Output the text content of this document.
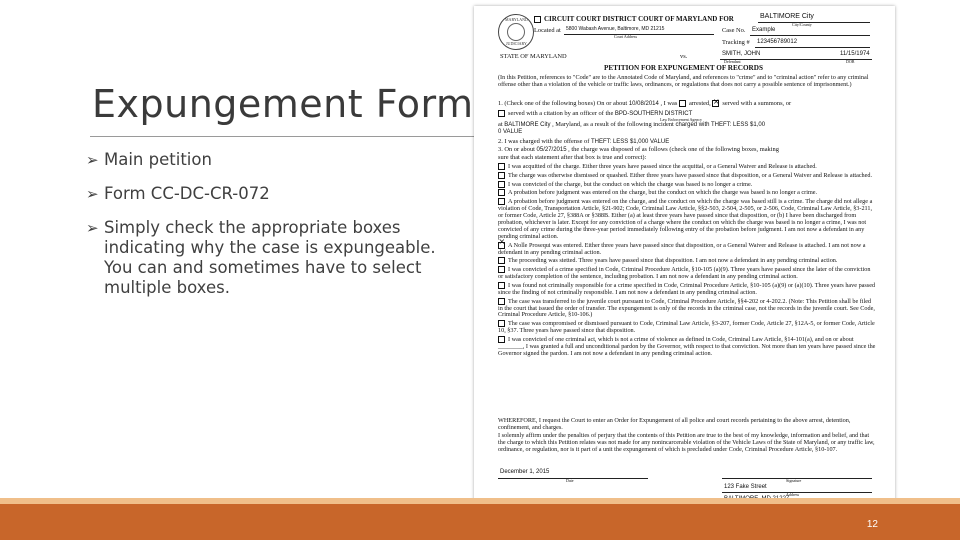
Expungement Form
➢ Main petition
➢ Form CC-DC-CR-072
➢ Simply check the appropriate boxes indicating why the case is expungeable. You can and sometimes have to select multiple boxes.
MARYLAND
JUDICIARY
CIRCUIT COURT DISTRICT COURT OF MARYLAND FOR	BALTIMORE City
City/County
Located at 5800 Wabash Avenue, Baltimore, MD 21215
Court Address
Case No. Example
Tracking # 123456789012
STATE OF MARYLAND	vs.	SMITH, JOHN	11/15/1974
Defendant	DOB
PETITION FOR EXPUNGEMENT OF RECORDS
(In this Petition, references to "Code" are to the Annotated Code of Maryland, and references to "crime" and to "criminal action" refer to any criminal offense other than a violation of the vehicle or traffic laws, ordinances, or regulations that does not carry a possible sentence of imprisonment.)
1. (Check one of the following boxes) On or about 10/08/2014 , I was arrested, × served with a summons, or
served with a citation by an officer of the BPD-SOUTHERN DISTRICT
Law Enforcement Agency
at BALTIMORE City , Maryland, as a result of the following incident charged with THEFT: LESS $1,00
0 VALUE
2. I was charged with the offense of THEFT: LESS $1,000 VALUE
3. On or about 05/27/2015 , the charge was disposed of as follows (check one of the following boxes, making
sure that each statement after that box is true and correct):
I was acquitted of the charge. Either three years have passed since the acquittal, or a General Waiver and Release is attached.
The charge was otherwise dismissed or quashed. Either three years have passed since that disposition, or a General Waiver and Release is attached.
I was convicted of the charge, but the conduct on which the charge was based is no longer a crime.
A probation before judgment was entered on the charge, but the conduct on which the charge was based is no longer a crime.
A probation before judgment was entered on the charge, and the conduct on which the charge was based still is a crime. The charge did not allege a violation of Code, Transportation Article, §21-902; Code, Criminal Law Article, §§2-503, 2-504, 2-505, or 2-506, Code, Criminal Law Article, §3-211, or former Code, Article 27, §388A or §388B. Either (a) at least three years have passed since that disposition, or (b) I have been discharged from probation, whichever is later. Except for any conviction of a charge where the conduct on which the charge was based is no longer a crime, I was not convicted of any crime during the three-year period immediately following entry of the probation before judgment. I am not now a defendant in any pending criminal action.
×A Nolle Prosequi was entered. Either three years have passed since that disposition, or a General Waiver and Release is attached. I am not now a defendant in any pending criminal action.
The proceeding was stetted. Three years have passed since that disposition. I am not now a defendant in any pending criminal action.
I was convicted of a crime specified in Code, Criminal Procedure Article, §10-105 (a)(9). Three years have passed since the later of the conviction or satisfactory completion of the sentence, including probation. I am not now a defendant in any pending criminal action.
I was found not criminally responsible for a crime specified in Code, Criminal Procedure Article, §10-105 (a)(9) or (a)(10). Three years have passed since the finding of not criminally responsible. I am not now a defendant in any pending criminal action.
The case was transferred to the juvenile court pursuant to Code, Criminal Procedure Article, §§4-202 or 4-202.2. (Note: This Petition shall be filed in the court that issued the order of transfer. The expungement is only of the records in the criminal case, not the records in the juvenile court. See Code, Criminal Procedure Article, §10-106.)
The case was compromised or dismissed pursuant to Code, Criminal Law Article, §3-207, former Code, Article 27, §12A-5, or former Code, Article 10, §37. Three years have passed since that disposition.
I was convicted of one criminal act, which is not a crime of violence as defined in Code, Criminal Law Article, §14-101(a), and on or about ________, I was granted a full and unconditional pardon by the Governor, with respect to that conviction. Not more than ten years have passed since the Governor signed the pardon. I am not now a defendant in any pending criminal action.
WHEREFORE, I request the Court to enter an Order for Expungement of all police and court records pertaining to the above arrest, detention, confinement, and charges.
I solemnly affirm under the penalties of perjury that the contents of this Petition are true to the best of my knowledge, information and belief, and that the charge to which this Petition relates was not made for any nonincarcerable violation of the Vehicle Laws of the State of Maryland, or any traffic law, ordinance, or regulation, nor is it part of a unit the expungement of which is precluded under Code, Criminal Procedure Article, §10-107.
December 1, 2015
Date	Signature
123 Fake Street
Address
12
